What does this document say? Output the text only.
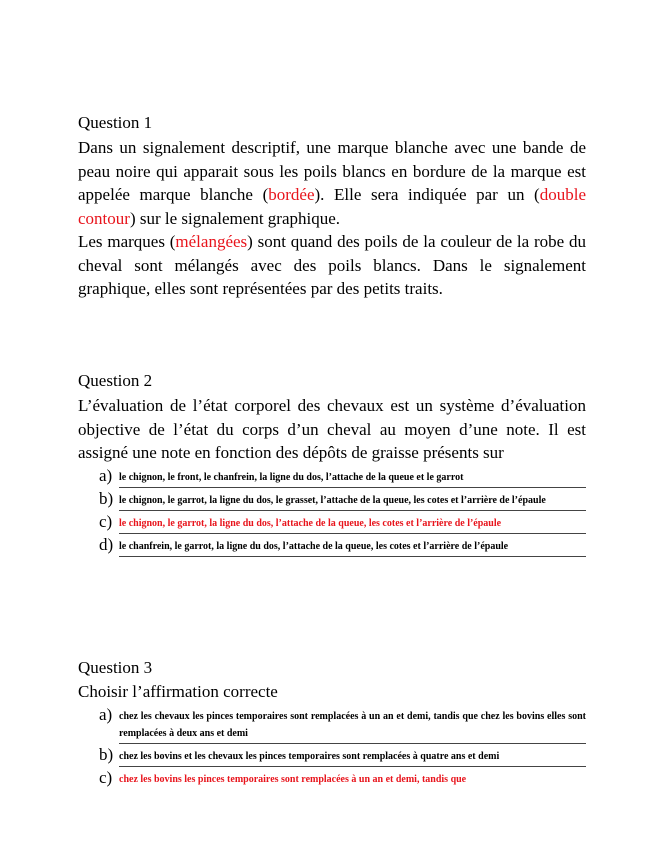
Question 1

Dans un signalement descriptif, une marque blanche avec une bande de peau noire qui apparait sous les poils blancs en bordure de la marque est appelée marque blanche (bordée). Elle sera indiquée par un (double contour) sur le signalement graphique.

Les marques (mélangées) sont quand des poils de la couleur de la robe du cheval sont mélangés avec des poils blancs. Dans le signalement graphique, elles sont représentées par des petits traits.

Question 2

L’évaluation de l’état corporel des chevaux est un système d’évaluation objective de l’état du corps d’un cheval au moyen d’une note. Il est assigné une note en fonction des dépôts de graisse présents sur

a) le chignon, le front, le chanfrein, la ligne du dos, l’attache de la queue et le garrot
b) le chignon, le garrot, la ligne du dos, le grasset, l’attache de la queue, les cotes et l’arrière de l’épaule
c) le chignon, le garrot, la ligne du dos, l’attache de la queue, les cotes et l’arrière de l’épaule
d) le chanfrein, le garrot, la ligne du dos, l’attache de la queue, les cotes et l’arrière de l’épaule

Question 3

Choisir l’affirmation correcte

a) chez les chevaux les pinces temporaires sont remplacées à un an et demi, tandis que chez les bovins elles sont remplacées à deux ans et demi
b) chez les bovins et les chevaux les pinces temporaires sont remplacées à quatre ans et demi
c) chez les bovins les pinces temporaires sont remplacées à un an et demi, tandis que
